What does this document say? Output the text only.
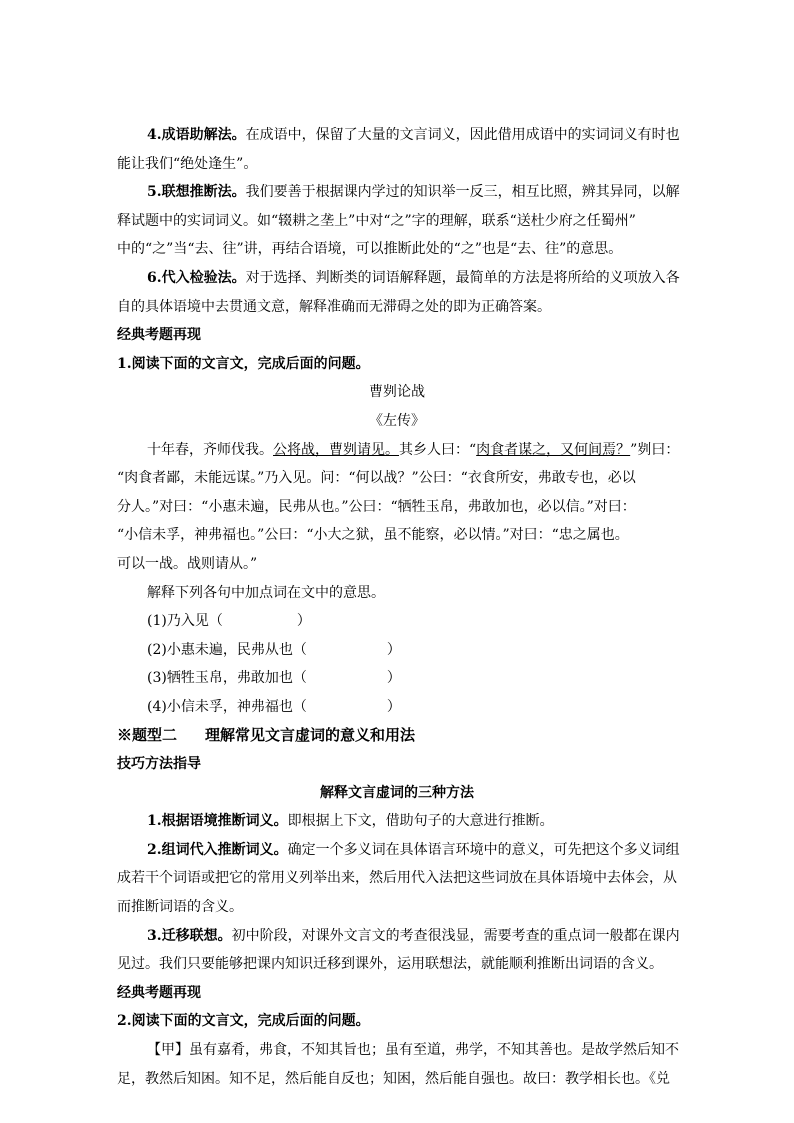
4.成语助解法。在成语中，保留了大量的文言词义，因此借用成语中的实词词义有时也

能让我们“绝处逢生”。

5.联想推断法。我们要善于根据课内学过的知识举一反三，相互比照，辨其异同，以解

释试题中的实词词义。如“辍耕之垄上”中对“之”字的理解，联系“送杜少府之任蜀州”

中的“之”当“去、往”讲，再结合语境，可以推断此处的“之”也是“去、往”的意思。

6.代入检验法。对于选择、判断类的词语解释题，最简单的方法是将所给的义项放入各

自的具体语境中去贯通文意，解释准确而无滞碍之处的即为正确答案。

经典考题再现

1.阅读下面的文言文，完成后面的问题。

曹刿论战

《左传》

十年春，齐师伐我。公将战，曹刿请见。其乡人曰：“肉食者谋之，又何间焉？”刿曰：

“肉食者鄙，未能远谋。”乃入见。问：“何以战？”公曰：“衣食所安，弗敢专也，必以

分人。”对曰：“小惠未遍，民弗从也。”公曰：“牺牲玉帛，弗敢加也，必以信。”对曰：

“小信未孚，神弗福也。”公曰：“小大之狱，虽不能察，必以情。”对曰：“忠之属也。

可以一战。战则请从。”

解释下列各句中加点词在文中的意思。

(1)乃入见（	）

(2)小惠未遍，民弗从也（	）

(3)牺牲玉帛，弗敢加也（	）

(4)小信未孚，神弗福也（	）

※题型二 理解常见文言虚词的意义和用法

技巧方法指导

解释文言虚词的三种方法

1.根据语境推断词义。即根据上下文，借助句子的大意进行推断。

2.组词代入推断词义。确定一个多义词在具体语言环境中的意义，可先把这个多义词组

成若干个词语或把它的常用义列举出来，然后用代入法把这些词放在具体语境中去体会，从

而推断词语的含义。

3.迁移联想。初中阶段，对课外文言文的考查很浅显，需要考查的重点词一般都在课内

见过。我们只要能够把课内知识迁移到课外，运用联想法，就能顺利推断出词语的含义。

经典考题再现

2.阅读下面的文言文，完成后面的问题。

【甲】虽有嘉肴，弗食，不知其旨也；虽有至道，弗学，不知其善也。是故学然后知不

足，教然后知困。知不足，然后能自反也；知困，然后能自强也。故曰：教学相长也。《兑
